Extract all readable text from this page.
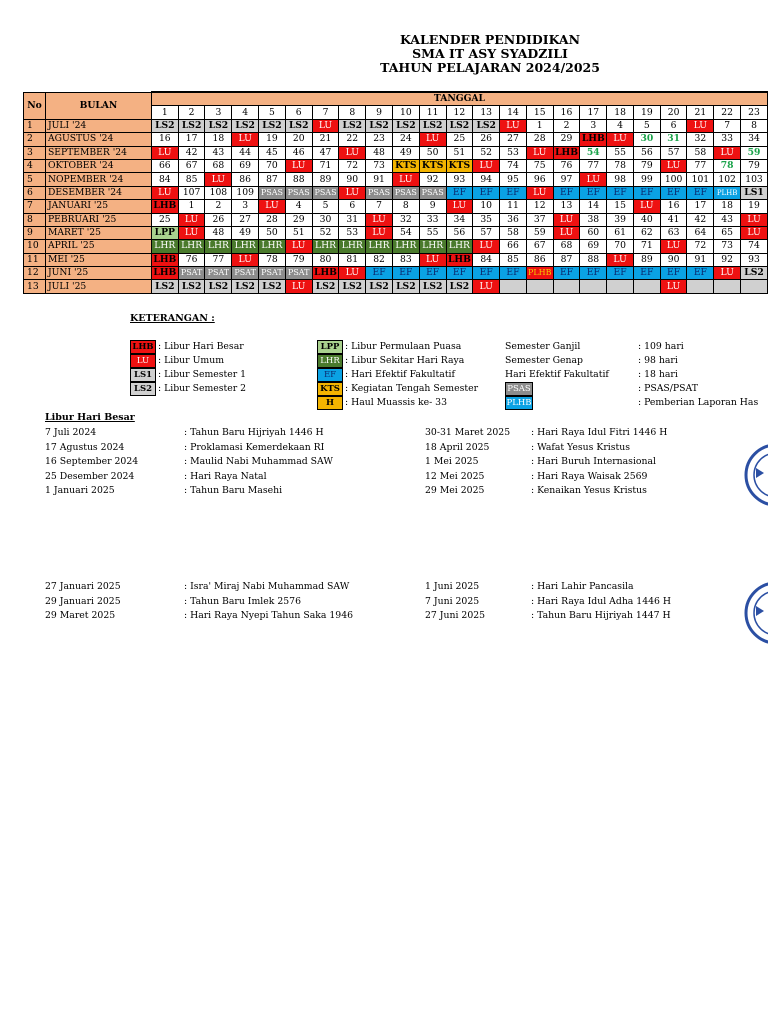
KALENDER PENDIDIKAN
SMA IT ASY SYADZILI
TAHUN PELAJARAN 2024/2025
No	BULAN	TANGGAL																						
		1	2	3	4	5	6	7	8	9	10	11	12	13	14	15	16	17	18	19	20	21	22	23
1	JULI '24	LS2	LS2	LS2	LS2	LS2	LS2	LU	LS2	LS2	LS2	LS2	LS2	LS2	LU	1	2	3	4	5	6	LU	7	8
2	AGUSTUS '24	16	17	18	LU	19	20	21	22	23	24	LU	25	26	27	28	29	LHB	LU	30	31	32	33	34
3	SEPTEMBER '24	LU	42	43	44	45	46	47	LU	48	49	50	51	52	53	LU	LHB	54	55	56	57	58	LU	59
4	OKTOBER '24	66	67	68	69	70	LU	71	72	73	KTS	KTS	KTS	LU	74	75	76	77	78	79	LU	77	78	79
5	NOPEMBER '24	84	85	LU	86	87	88	89	90	91	LU	92	93	94	95	96	97	LU	98	99	100	101	102	103
6	DESEMBER '24	LU	107	108	109	PSAS	PSAS	PSAS	LU	PSAS	PSAS	PSAS	EF	EF	EF	LU	EF	EF	EF	EF	EF	EF	PLHB	LS1
7	JANUARI '25	LHB	1	2	3	LU	4	5	6	7	8	9	LU	10	11	12	13	14	15	LU	16	17	18	19
8	PEBRUARI '25	25	LU	26	27	28	29	30	31	LU	32	33	34	35	36	37	LU	38	39	40	41	42	43	LU
9	MARET '25	LPP	LU	48	49	50	51	52	53	LU	54	55	56	57	58	59	LU	60	61	62	63	64	65	LU
10	APRIL '25	LHR	LHR	LHR	LHR	LHR	LU	LHR	LHR	LHR	LHR	LHR	LHR	LU	66	67	68	69	70	71	LU	72	73	74
11	MEI '25	LHB	76	77	LU	78	79	80	81	82	83	LU	LHB	84	85	86	87	88	LU	89	90	91	92	93
12	JUNI '25	LHB	PSAT	PSAT	PSAT	PSAT	PSAT	LHB	LU	EF	EF	EF	EF	EF	EF	PLHB	EF	EF	EF	EF	EF	EF	LU	LS2
13	JULI '25	LS2	LS2	LS2	LS2	LS2	LU	LS2	LS2	LS2	LS2	LS2	LS2	LU							LU			
KETERANGAN :
LHB : Libur Hari Besar
LU : Libur Umum
LS1 : Libur Semester 1
LS2 : Libur Semester 2
LPP : Libur Permulaan Puasa
LHR : Libur Sekitar Hari Raya
EF : Hari Efektif Fakultatif
KTS : Kegiatan Tengah Semester
H : Haul Muassis ke- 33
Semester Ganjil	: 109 hari
Semester Genap	: 98 hari
Hari Efektif Fakultatif	: 18 hari
PSAS	: PSAS/PSAT
PLHB	: Pemberian Laporan Has
Libur Hari Besar
7 Juli 2024	: Tahun Baru Hijriyah 1446 H
17 Agustus 2024	: Proklamasi Kemerdekaan RI
16 September 2024	: Maulid Nabi Muhammad SAW
25 Desember 2024	: Hari Raya Natal
1 Januari 2025	: Tahun Baru Masehi
30-31 Maret 2025 : Hari Raya Idul Fitri 1446 H
18 April 2025	: Wafat Yesus Kristus
1 Mei 2025	: Hari Buruh Internasional
12 Mei 2025	: Hari Raya Waisak 2569
29 Mei 2025	: Kenaikan Yesus Kristus
27 Januari 2025	: Isra' Miraj Nabi Muhammad SAW
29 Januari 2025	: Tahun Baru Imlek 2576
29 Maret 2025	: Hari Raya Nyepi Tahun Saka 1946
1 Juni 2025	: Hari Lahir Pancasila
7 Juni 2025	: Hari Raya Idul Adha 1446 H
27 Juni 2025	: Tahun Baru Hijriyah 1447 H
